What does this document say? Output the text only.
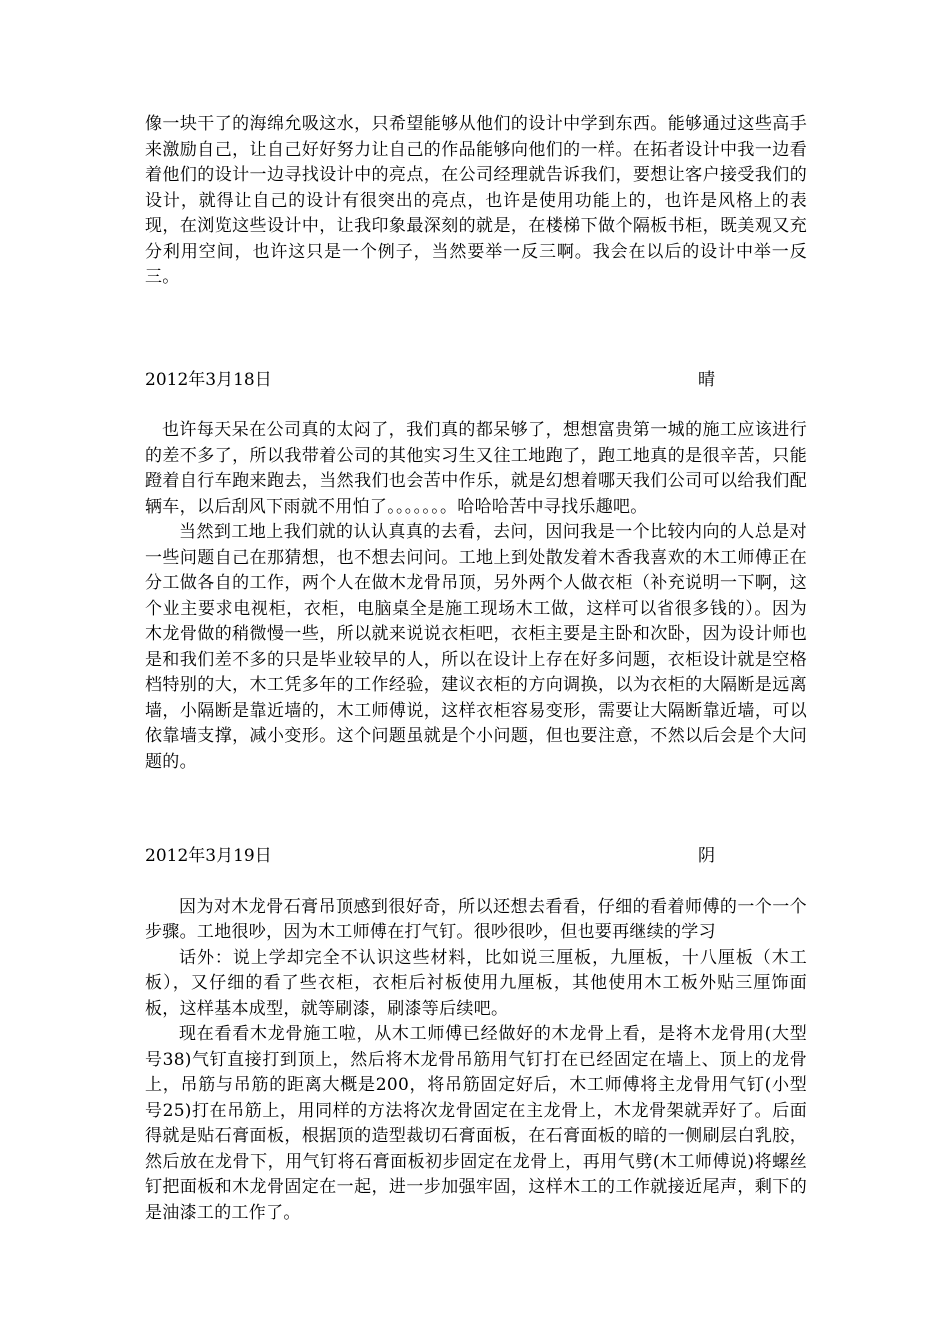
像一块干了的海绵允吸这水，只希望能够从他们的设计中学到东西。能够通过这些高手来激励自己，让自己好好努力让自己的作品能够向他们的一样。在拓者设计中我一边看着他们的设计一边寻找设计中的亮点，在公司经理就告诉我们，要想让客户接受我们的设计，就得让自己的设计有很突出的亮点，也许是使用功能上的，也许是风格上的表现，在浏览这些设计中，让我印象最深刻的就是，在楼梯下做个隔板书柜，既美观又充分利用空间，也许这只是一个例子，当然要举一反三啊。我会在以后的设计中举一反三。

2012年3月18日	晴

也许每天呆在公司真的太闷了，我们真的都呆够了，想想富贵第一城的施工应该进行的差不多了，所以我带着公司的其他实习生又往工地跑了，跑工地真的是很辛苦，只能蹬着自行车跑来跑去，当然我们也会苦中作乐，就是幻想着哪天我们公司可以给我们配辆车，以后刮风下雨就不用怕了。。。。。。。哈哈哈苦中寻找乐趣吧。

当然到工地上我们就的认认真真的去看，去问，因问我是一个比较内向的人总是对一些问题自己在那猜想，也不想去问问。工地上到处散发着木香我喜欢的木工师傅正在分工做各自的工作，两个人在做木龙骨吊顶，另外两个人做衣柜（补充说明一下啊，这个业主要求电视柜，衣柜，电脑桌全是施工现场木工做，这样可以省很多钱的）。因为木龙骨做的稍微慢一些，所以就来说说衣柜吧，衣柜主要是主卧和次卧，因为设计师也是和我们差不多的只是毕业较早的人，所以在设计上存在好多问题，衣柜设计就是空格档特别的大，木工凭多年的工作经验，建议衣柜的方向调换，以为衣柜的大隔断是远离墙，小隔断是靠近墙的，木工师傅说，这样衣柜容易变形，需要让大隔断靠近墙，可以依靠墙支撑，减小变形。这个问题虽就是个小问题，但也要注意，不然以后会是个大问题的。

2012年3月19日	阴

因为对木龙骨石膏吊顶感到很好奇，所以还想去看看，仔细的看着师傅的一个一个步骤。工地很吵，因为木工师傅在打气钉。很吵很吵，但也要再继续的学习

话外：说上学却完全不认识这些材料，比如说三厘板，九厘板，十八厘板（木工板），又仔细的看了些衣柜，衣柜后衬板使用九厘板，其他使用木工板外贴三厘饰面板，这样基本成型，就等刷漆，刷漆等后续吧。

现在看看木龙骨施工啦，从木工师傅已经做好的木龙骨上看，是将木龙骨用(大型号38)气钉直接打到顶上，然后将木龙骨吊筋用气钉打在已经固定在墙上、顶上的龙骨上，吊筋与吊筋的距离大概是200，将吊筋固定好后，木工师傅将主龙骨用气钉(小型号25)打在吊筋上，用同样的方法将次龙骨固定在主龙骨上，木龙骨架就弄好了。后面得就是贴石膏面板，根据顶的造型裁切石膏面板，在石膏面板的暗的一侧刷层白乳胶，然后放在龙骨下，用气钉将石膏面板初步固定在龙骨上，再用气劈(木工师傅说)将螺丝钉把面板和木龙骨固定在一起，进一步加强牢固，这样木工的工作就接近尾声，剩下的是油漆工的工作了。
